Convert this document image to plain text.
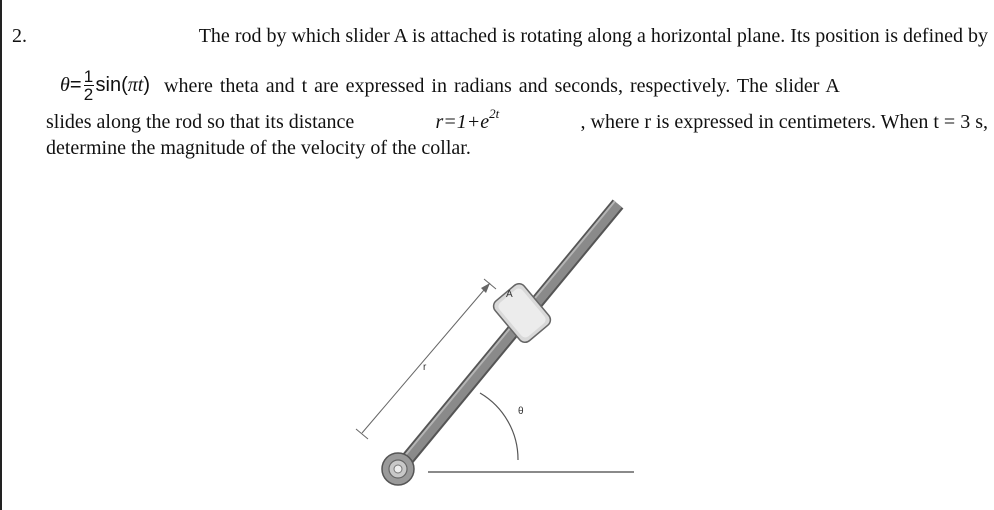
2.	The rod by which slider A is attached is rotating along a horizontal plane. Its position is defined by
$\theta= \frac{1}{2} \sin(\pi t)$ where theta and t are expressed in radians and seconds, respectively. The slider A
slides along the rod so that its distance	$r=1+e^{2t}$	, where r is expressed in centimeters. When t = 3 s,
determine the magnitude of the velocity of the collar.
A
r
θ
